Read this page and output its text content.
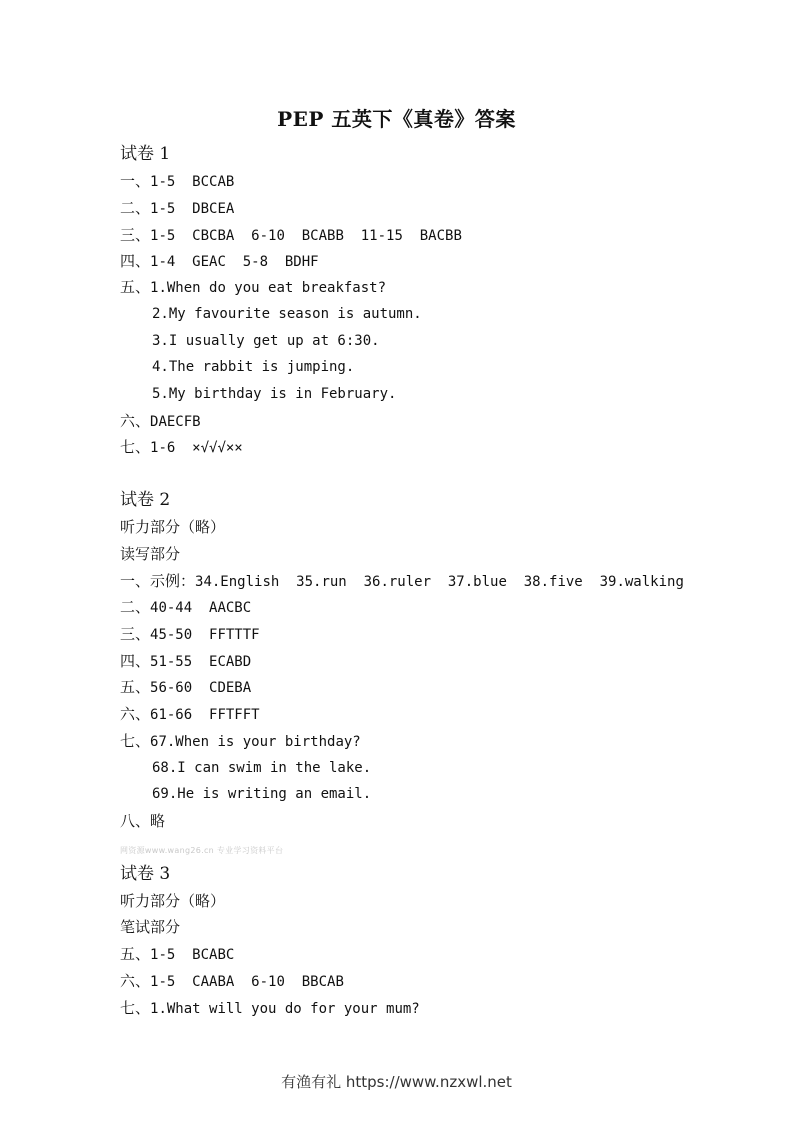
PEP 五英下《真卷》答案
试卷 1
一、1-5  BCCAB
二、1-5  DBCEA
三、1-5  CBCBA  6-10  BCABB  11-15  BACBB
四、1-4  GEAC  5-8  BDHF
五、1.When do you eat breakfast?
2.My favourite season is autumn.
3.I usually get up at 6:30.
4.The rabbit is jumping.
5.My birthday is in February.
六、DAECFB
七、1-6  ×√√√××
试卷 2
听力部分（略）
读写部分
一、示例：34.English  35.run  36.ruler  37.blue  38.five  39.walking
二、40-44  AACBC
三、45-50  FFTTTF
四、51-55  ECABD
五、56-60  CDEBA
六、61-66  FFTFFT
七、67.When is your birthday?
68.I can swim in the lake.
69.He is writing an email.
八、略
网资源www.wang26.cn 专业学习资料平台
试卷 3
听力部分（略）
笔试部分
五、1-5  BCABC
六、1-5  CAABA  6-10  BBCAB
七、1.What will you do for your mum?
有渔有礼 https://www.nzxwl.net
